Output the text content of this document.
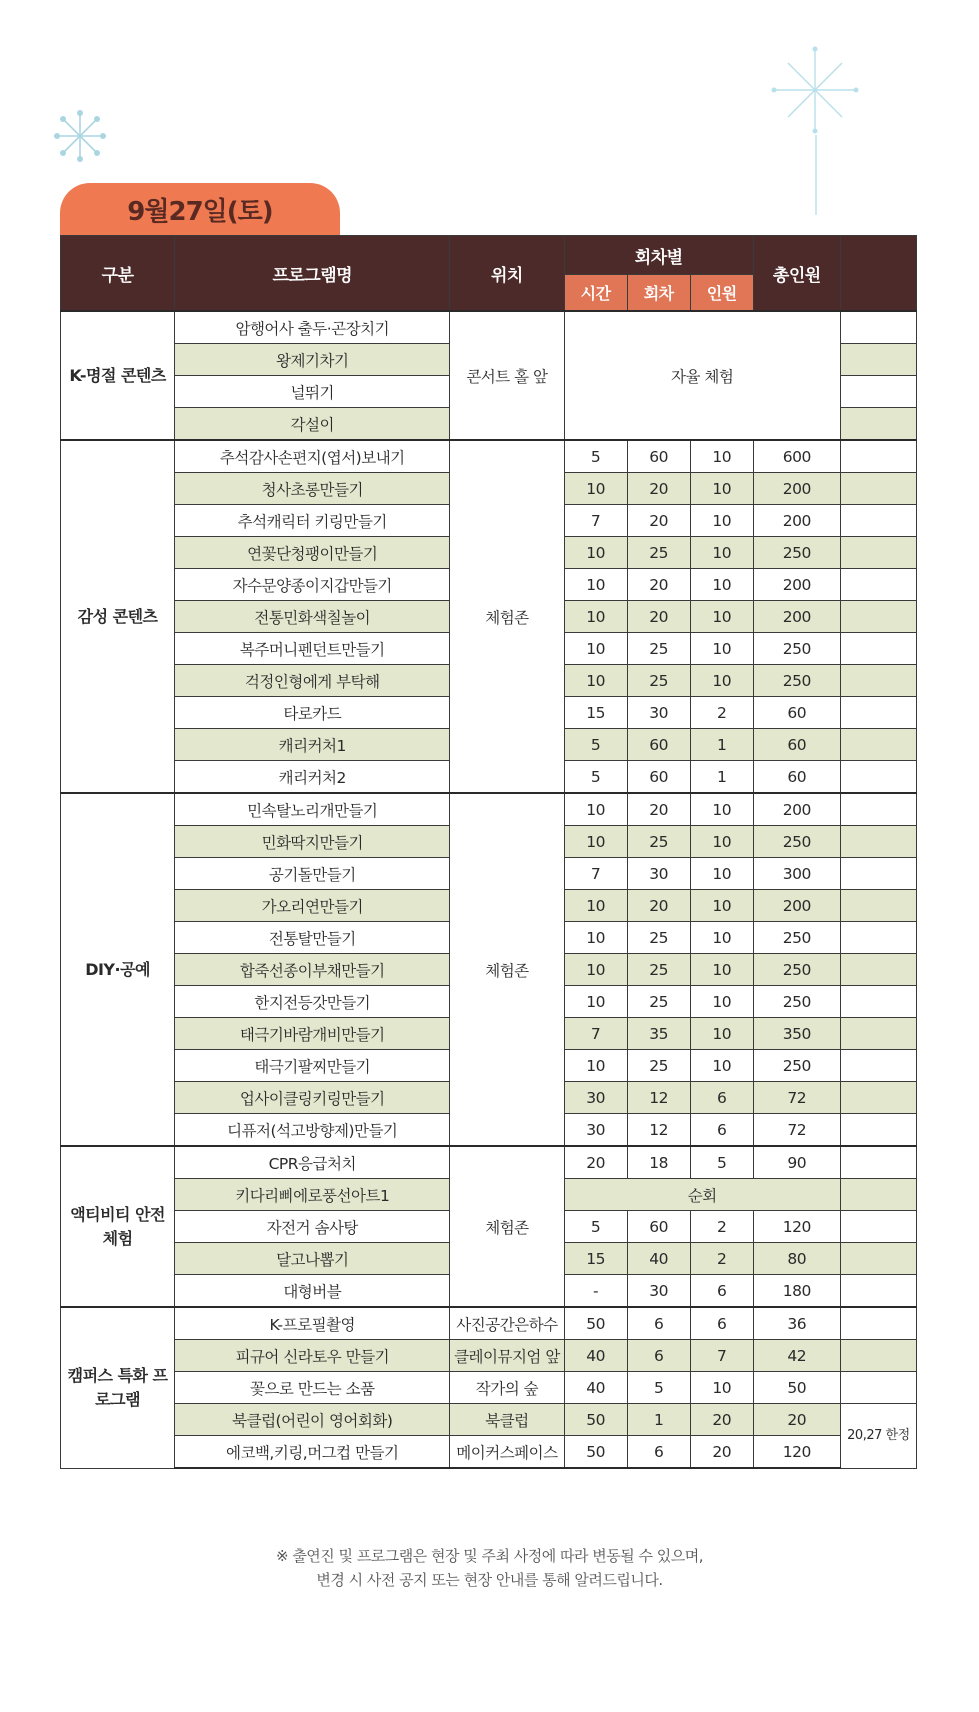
9월27일(토)
구분	프로그램명	위치	회차별			총인원	
			시간	회차	인원		
K-명절 콘텐츠	암행어사 출두·곤장치기	콘서트 홀 앞	자율 체험				
	왕제기차기						
	널뛰기						
	각설이						
감성 콘텐츠	추석감사손편지(엽서)보내기	체험존	5	60	10	600	
	청사초롱만들기		10	20	10	200	
	추석캐릭터 키링만들기		7	20	10	200	
	연꽃단청팽이만들기		10	25	10	250	
	자수문양종이지갑만들기		10	20	10	200	
	전통민화색칠놀이		10	20	10	200	
	복주머니펜던트만들기		10	25	10	250	
	걱정인형에게 부탁해		10	25	10	250	
	타로카드		15	30	2	60	
	캐리커처1		5	60	1	60	
	캐리커처2		5	60	1	60	
DIY·공예	민속탈노리개만들기	체험존	10	20	10	200	
	민화딱지만들기		10	25	10	250	
	공기돌만들기		7	30	10	300	
	가오리연만들기		10	20	10	200	
	전통탈만들기		10	25	10	250	
	합죽선종이부채만들기		10	25	10	250	
	한지전등갓만들기		10	25	10	250	
	태극기바람개비만들기		7	35	10	350	
	태극기팔찌만들기		10	25	10	250	
	업사이클링키링만들기		30	12	6	72	
	디퓨저(석고방향제)만들기		30	12	6	72	
액티비티 안전 체험	CPR응급처치	체험존	20	18	5	90	
	키다리삐에로풍선아트1		순회				
	자전거 솜사탕		5	60	2	120	
	달고나뽑기		15	40	2	80	
	대형버블		-	30	6	180	
캠퍼스 특화 프로그램	K-프로필촬영	사진공간은하수	50	6	6	36	
	피규어 신라토우 만들기	클레이뮤지엄 앞	40	6	7	42	
	꽃으로 만드는 소품	작가의 숲	40	5	10	50	
	북클럽(어린이 영어회화)	북클럽	50	1	20	20	20,27 한정
	에코백,키링,머그컵 만들기	메이커스페이스	50	6	20	120	
※ 출연진 및 프로그램은 현장 및 주최 사정에 따라 변동될 수 있으며,
변경 시 사전 공지 또는 현장 안내를 통해 알려드립니다.
